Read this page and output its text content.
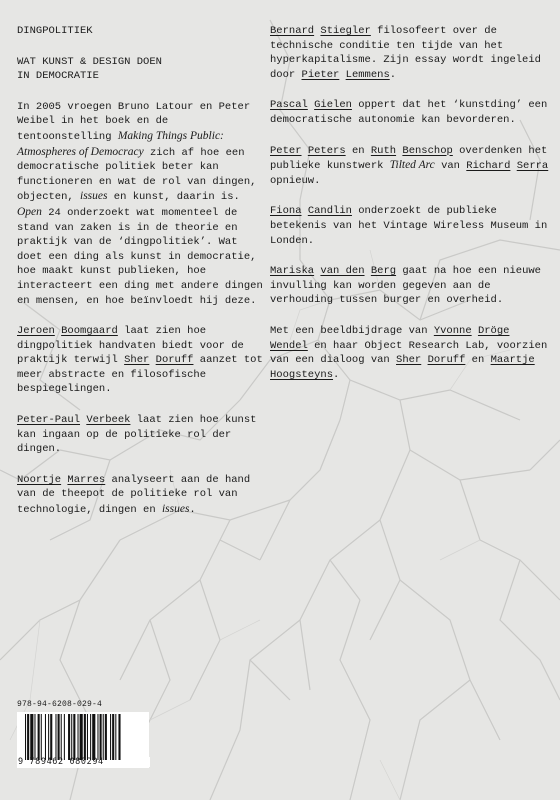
DINGPOLITIEK
WAT KUNST & DESIGN DOEN
IN DEMOCRATIE

In 2005 vroegen Bruno Latour en Peter Weibel in het boek en de tentoonstelling Making Things Public: Atmospheres of Democracy zich af hoe een democratische politiek beter kan functioneren en wat de rol van dingen, objecten, issues en kunst, daarin is. Open 24 onderzoekt wat momenteel de stand van zaken is in de theorie en praktijk van de ‘dingpolitiek’. Wat doet een ding als kunst in democratie, hoe maakt kunst publieken, hoe interacteert een ding met andere dingen en mensen, en hoe beïnvloedt hij deze.

Jeroen Boomgaard laat zien hoe dingpolitiek handvaten biedt voor de praktijk terwijl Sher Doruff aanzet tot meer abstracte en filosofische bespiegelingen.

Peter-Paul Verbeek laat zien hoe kunst kan ingaan op de politieke rol der dingen.

Noortje Marres analyseert aan de hand van de theepot de politieke rol van technologie, dingen en issues.

Bernard Stiegler filosofeert over de technische conditie ten tijde van het hyperkapitalisme. Zijn essay wordt ingeleid door Pieter Lemmens.

Pascal Gielen oppert dat het ‘kunstding’ een democratische autonomie kan bevorderen.

Peter Peters en Ruth Benschop overdenken het publieke kunstwerk Tilted Arc van Richard Serra opnieuw.

Fiona Candlin onderzoekt de publieke betekenis van het Vintage Wireless Museum in Londen.

Mariska van den Berg gaat na hoe een nieuwe invulling kan worden gegeven aan de verhouding tussen burger en overheid.

Met een beeldbijdrage van Yvonne Dröge Wendel en haar Object Research Lab, voorzien van een dialoog van Sher Doruff en Maartje Hoogsteyns.

978-94-6208-029-4
9 789462 080294
